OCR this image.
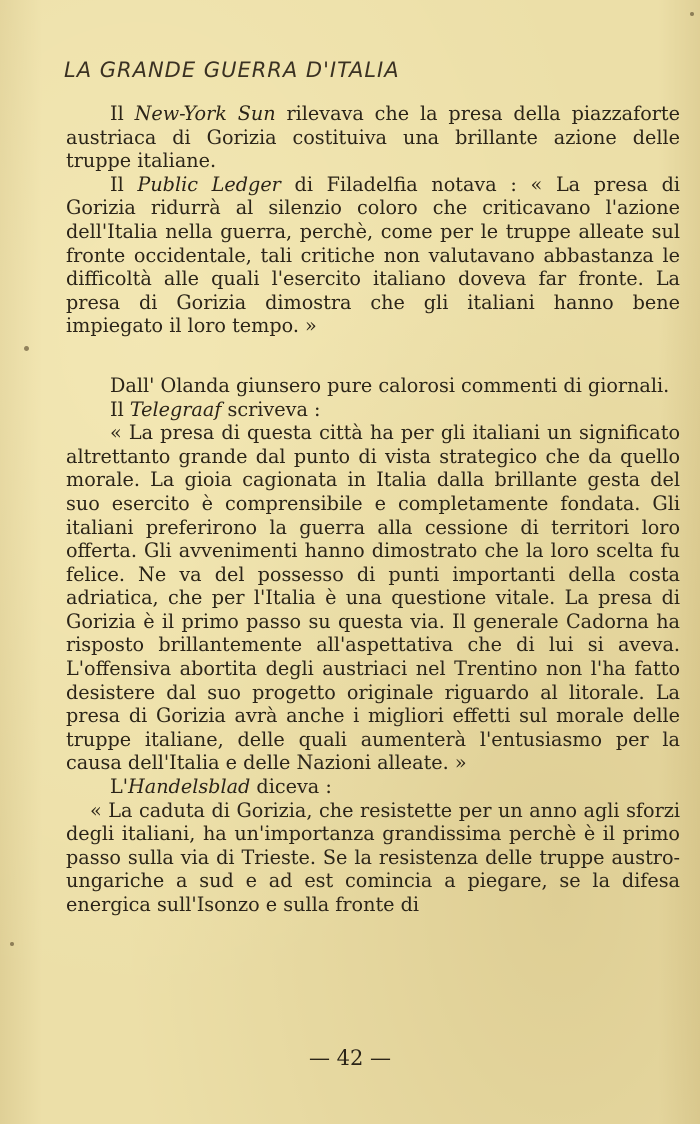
LA GRANDE GUERRA D'ITALIA

Il New-York Sun rilevava che la presa della piazzaforte austriaca di Gorizia costituiva una brillante azione delle truppe italiane.

Il Public Ledger di Filadelfia notava : « La presa di Gorizia ridurrà al silenzio coloro che criticavano l'azione dell'Italia nella guerra, perchè, come per le truppe alleate sul fronte occidentale, tali critiche non valutavano abbastanza le difficoltà alle quali l'esercito italiano doveva far fronte. La presa di Gorizia dimostra che gli italiani hanno bene impiegato il loro tempo. »

Dall' Olanda giunsero pure calorosi commenti di giornali.

Il Telegraaf scriveva :

« La presa di questa città ha per gli italiani un significato altrettanto grande dal punto di vista strategico che da quello morale. La gioia cagionata in Italia dalla brillante gesta del suo esercito è comprensibile e completamente fondata. Gli italiani preferirono la guerra alla cessione di territori loro offerta. Gli avvenimenti hanno dimostrato che la loro scelta fu felice. Ne va del possesso di punti importanti della costa adriatica, che per l'Italia è una questione vitale. La presa di Gorizia è il primo passo su questa via. Il generale Cadorna ha risposto brillantemente all'aspettativa che di lui si aveva. L'offensiva abortita degli austriaci nel Trentino non l'ha fatto desistere dal suo progetto originale riguardo al litorale. La presa di Gorizia avrà anche i migliori effetti sul morale delle truppe italiane, delle quali aumenterà l'entusiasmo per la causa dell'Italia e delle Nazioni alleate. »

L'Handelsblad diceva :

« La caduta di Gorizia, che resistette per un anno agli sforzi degli italiani, ha un'importanza grandissima perchè è il primo passo sulla via di Trieste. Se la resistenza delle truppe austro-ungariche a sud e ad est comincia a piegare, se la difesa energica sull'Isonzo e sulla fronte di

— 42 —
